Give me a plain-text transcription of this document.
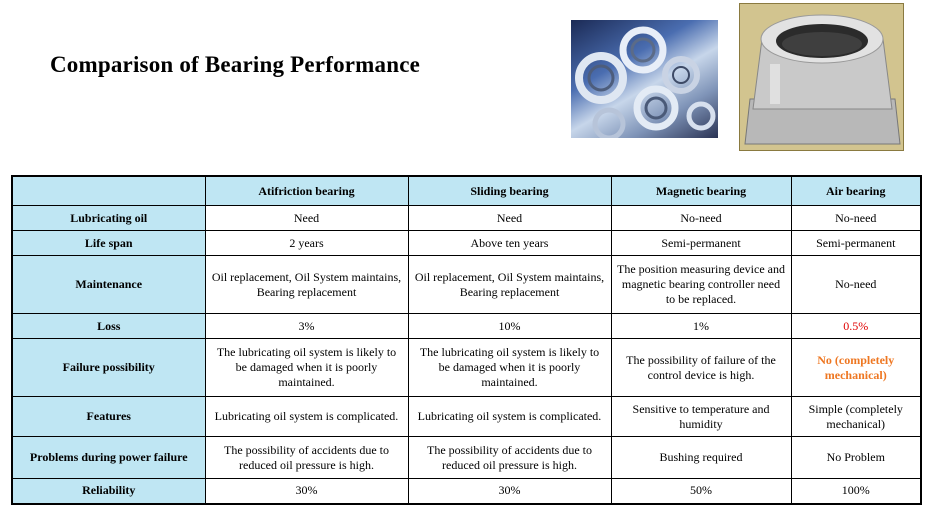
Comparison of Bearing Performance
	Atifriction bearing	Sliding bearing	Magnetic bearing	Air bearing
Lubricating oil	Need	Need	No-need	No-need
Life span	2 years	Above ten years	Semi-permanent	Semi-permanent
Maintenance	Oil replacement, Oil System maintains, Bearing replacement	Oil replacement, Oil System maintains, Bearing replacement	The position measuring device and magnetic bearing controller need to be replaced.	No-need
Loss	3%	10%	1%	0.5%
Failure possibility	The lubricating oil system is likely to be damaged when it is poorly maintained.	The lubricating oil system is likely to be damaged when it is poorly maintained.	The possibility of failure of the control device is high.	No (completely mechanical)
Features	Lubricating oil system is complicated.	Lubricating oil system is complicated.	Sensitive to temperature and humidity	Simple (completely mechanical)
Problems during power failure	The possibility of accidents due to reduced oil pressure is high.	The possibility of accidents due to reduced oil pressure is high.	Bushing required	No Problem
Reliability	30%	30%	50%	100%
